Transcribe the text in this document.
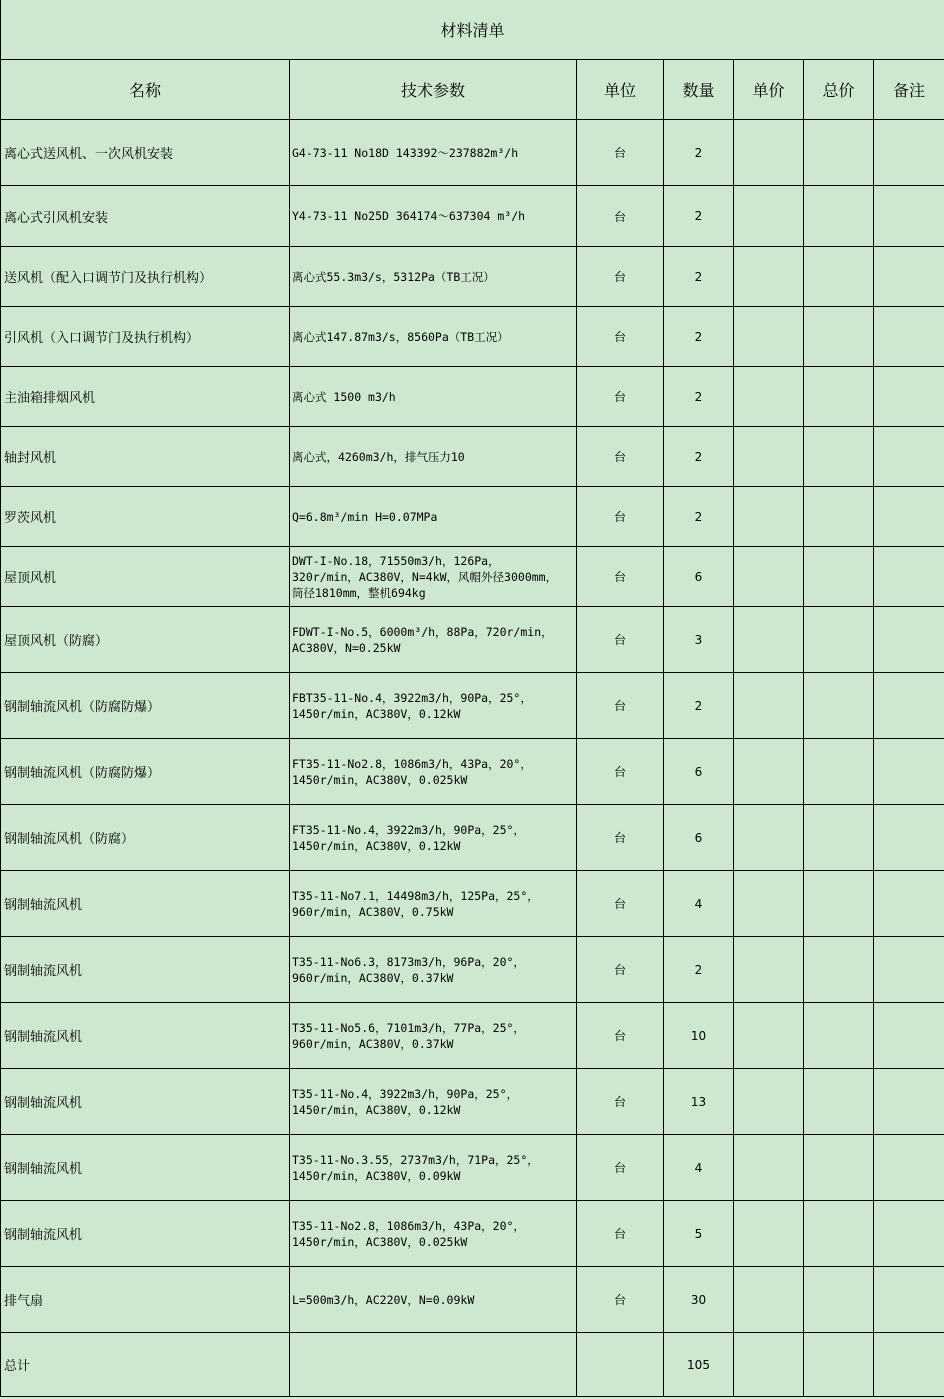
材料清单						
名称	技术参数	单位	数量	单价	总价	备注
离心式送风机、一次风机安装	G4-73-11 No18D 143392～237882m³/h	台	2			
离心式引风机安装	Y4-73-11 No25D 364174～637304 m³/h	台	2			
送风机（配入口调节门及执行机构）	离心式55.3m3/s，5312Pa（TB工况）	台	2			
引风机（入口调节门及执行机构）	离心式147.87m3/s，8560Pa（TB工况）	台	2			
主油箱排烟风机	离心式 1500 m3/h	台	2			
轴封风机	离心式，4260m3/h，排气压力10	台	2			
罗茨风机	Q=6.8m³/min H=0.07MPa	台	2			
屋顶风机	DWT-I-No.18，71550m3/h，126Pa，
320r/min，AC380V，N=4kW，风帽外径3000mm，
筒径1810mm，整机694kg	台	6			
屋顶风机（防腐）	FDWT-I-No.5，6000m³/h，88Pa，720r/min，
AC380V，N=0.25kW	台	3			
钢制轴流风机（防腐防爆）	FBT35-11-No.4，3922m3/h，90Pa，25°，
1450r/min，AC380V，0.12kW	台	2			
钢制轴流风机（防腐防爆）	FT35-11-No2.8，1086m3/h，43Pa，20°，
1450r/min，AC380V，0.025kW	台	6			
钢制轴流风机（防腐）	FT35-11-No.4，3922m3/h，90Pa，25°，
1450r/min，AC380V，0.12kW	台	6			
钢制轴流风机	T35-11-No7.1，14498m3/h，125Pa，25°，
960r/min，AC380V，0.75kW	台	4			
钢制轴流风机	T35-11-No6.3，8173m3/h，96Pa，20°，
960r/min，AC380V，0.37kW	台	2			
钢制轴流风机	T35-11-No5.6，7101m3/h，77Pa，25°，
960r/min，AC380V，0.37kW	台	10			
钢制轴流风机	T35-11-No.4，3922m3/h，90Pa，25°，
1450r/min，AC380V，0.12kW	台	13			
钢制轴流风机	T35-11-No.3.55，2737m3/h，71Pa，25°，
1450r/min，AC380V，0.09kW	台	4			
钢制轴流风机	T35-11-No2.8，1086m3/h，43Pa，20°，
1450r/min，AC380V，0.025kW	台	5			
排气扇	L=500m3/h，AC220V，N=0.09kW	台	30			
总计			105			
